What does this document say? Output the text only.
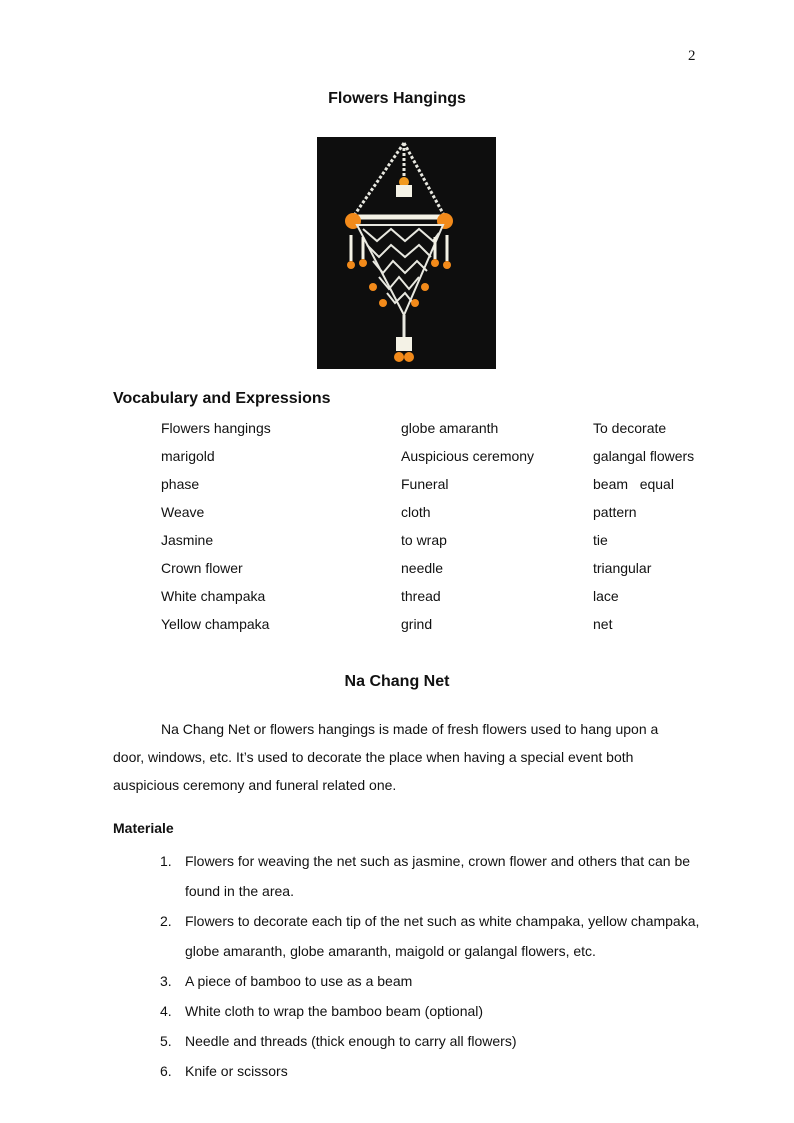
2
Flowers Hangings
Vocabulary and Expressions
Flowers hangings
marigold
phase
Weave
Jasmine
Crown flower
White champaka
Yellow champaka
globe amaranth
Auspicious ceremony
Funeral
cloth
to wrap
needle
thread
grind
To decorate
galangal flowers
beam   equal
pattern
tie
triangular
lace
net
Na Chang Net
Na Chang Net or flowers hangings is made of fresh flowers used to hang upon a door, windows, etc. It’s used to decorate the place when having a special event both auspicious ceremony and funeral related one.
Materiale
1. Flowers for weaving the net such as jasmine, crown flower and others that can be found in the area.
2. Flowers to decorate each tip of the net such as white champaka, yellow champaka, globe amaranth, globe amaranth, maigold or galangal flowers, etc.
3. A piece of bamboo to use as a beam
4. White cloth to wrap the bamboo beam (optional)
5. Needle and threads (thick enough to carry all flowers)
6. Knife or scissors
